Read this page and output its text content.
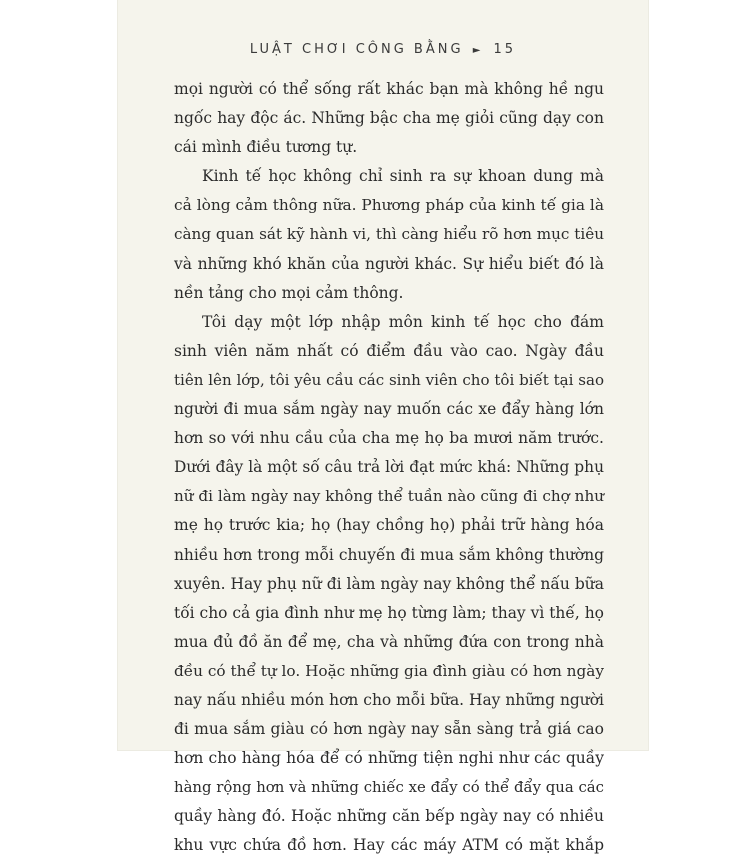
LUẬT CHƠI CÔNG BẰNG ► 15

mọi người có thể sống rất khác bạn mà không hề ngu
ngốc hay độc ác. Những bậc cha mẹ giỏi cũng dạy con
cái mình điều tương tự.

Kinh tế học không chỉ sinh ra sự khoan dung mà
cả lòng cảm thông nữa. Phương pháp của kinh tế gia là
càng quan sát kỹ hành vi, thì càng hiểu rõ hơn mục tiêu
và những khó khăn của người khác. Sự hiểu biết đó là
nền tảng cho mọi cảm thông.

Tôi dạy một lớp nhập môn kinh tế học cho đám
sinh viên năm nhất có điểm đầu vào cao. Ngày đầu
tiên lên lớp, tôi yêu cầu các sinh viên cho tôi biết tại sao
người đi mua sắm ngày nay muốn các xe đẩy hàng lớn
hơn so với nhu cầu của cha mẹ họ ba mươi năm trước.
Dưới đây là một số câu trả lời đạt mức khá: Những phụ
nữ đi làm ngày nay không thể tuần nào cũng đi chợ như
mẹ họ trước kia; họ (hay chồng họ) phải trữ hàng hóa
nhiều hơn trong mỗi chuyến đi mua sắm không thường
xuyên. Hay phụ nữ đi làm ngày nay không thể nấu bữa
tối cho cả gia đình như mẹ họ từng làm; thay vì thế, họ
mua đủ đồ ăn để mẹ, cha và những đứa con trong nhà
đều có thể tự lo. Hoặc những gia đình giàu có hơn ngày
nay nấu nhiều món hơn cho mỗi bữa. Hay những người
đi mua sắm giàu có hơn ngày nay sẵn sàng trả giá cao
hơn cho hàng hóa để có những tiện nghi như các quầy
hàng rộng hơn và những chiếc xe đẩy có thể đẩy qua các
quầy hàng đó. Hoặc những căn bếp ngày nay có nhiều
khu vực chứa đồ hơn. Hay các máy ATM có mặt khắp
